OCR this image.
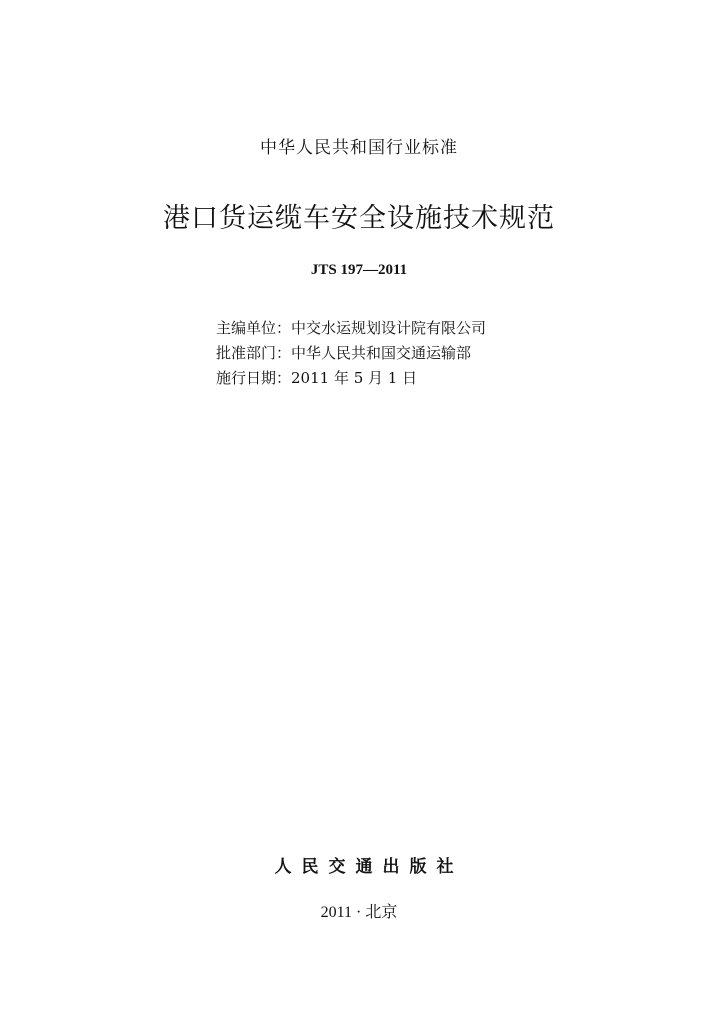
中华人民共和国行业标准
港口货运缆车安全设施技术规范
JTS 197—2011
主编单位：中交水运规划设计院有限公司
批准部门：中华人民共和国交通运输部
施行日期：2011 年 5 月 1 日
人民交通出版社
2011 · 北京
